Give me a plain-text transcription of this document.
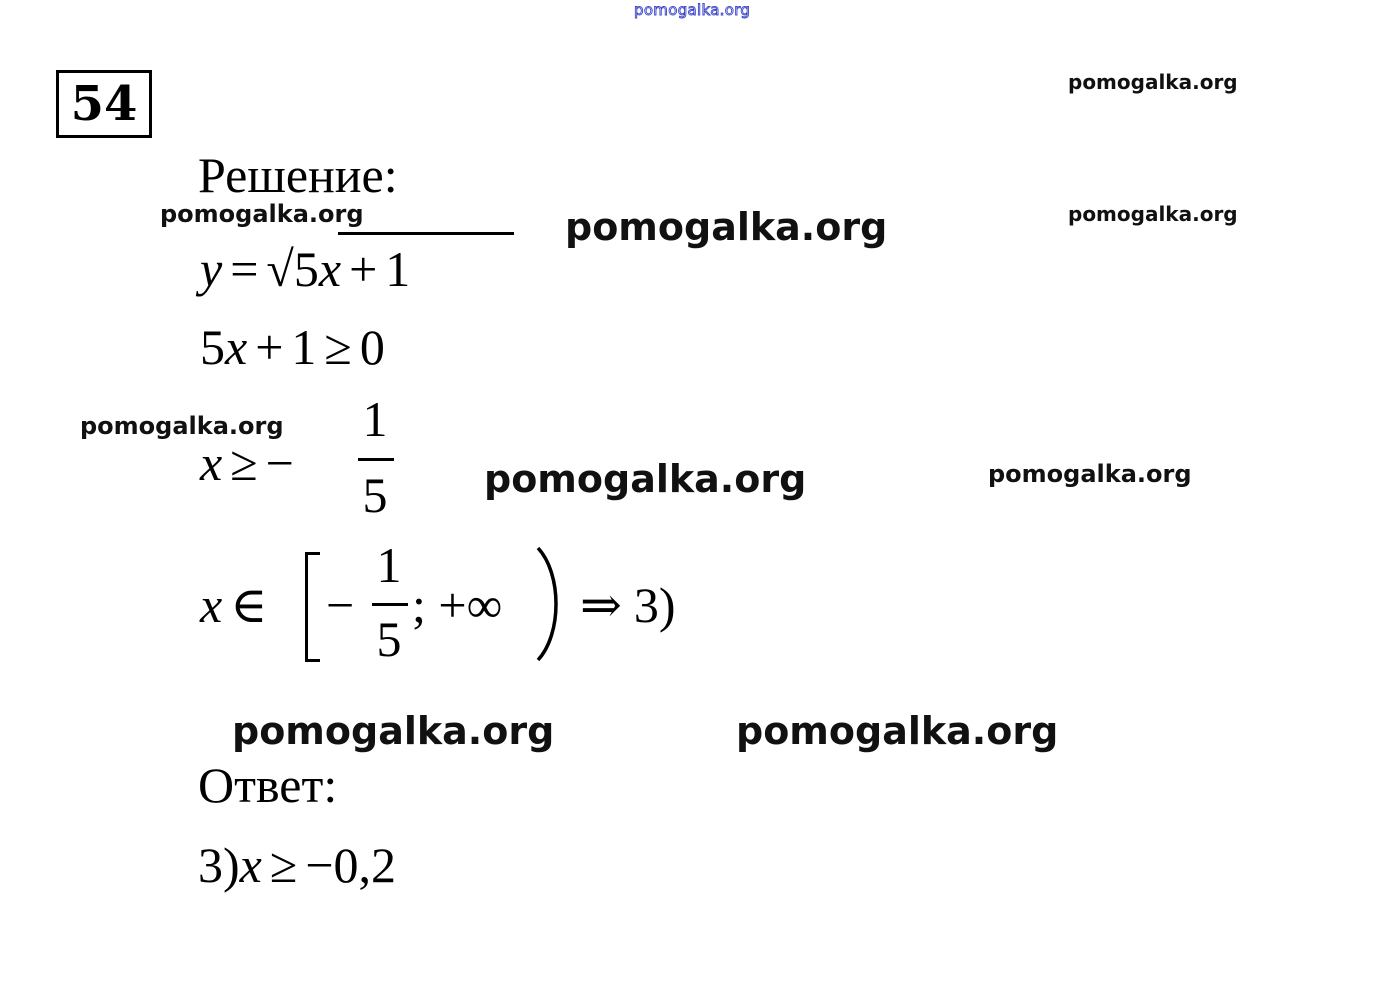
pomogalka.org
pomogalka.org
pomogalka.org	pomogalka.org	pomogalka.org
pomogalka.org
pomogalka.org	pomogalka.org
pomogalka.org	pomogalka.org
54
Решение:
y = √5x + 1
5x + 1 ≥ 0
x ≥ −
1
5
x ∈ −
1
5
; +∞ ⇒ 3)
Ответ:
3)x ≥ −0,2
